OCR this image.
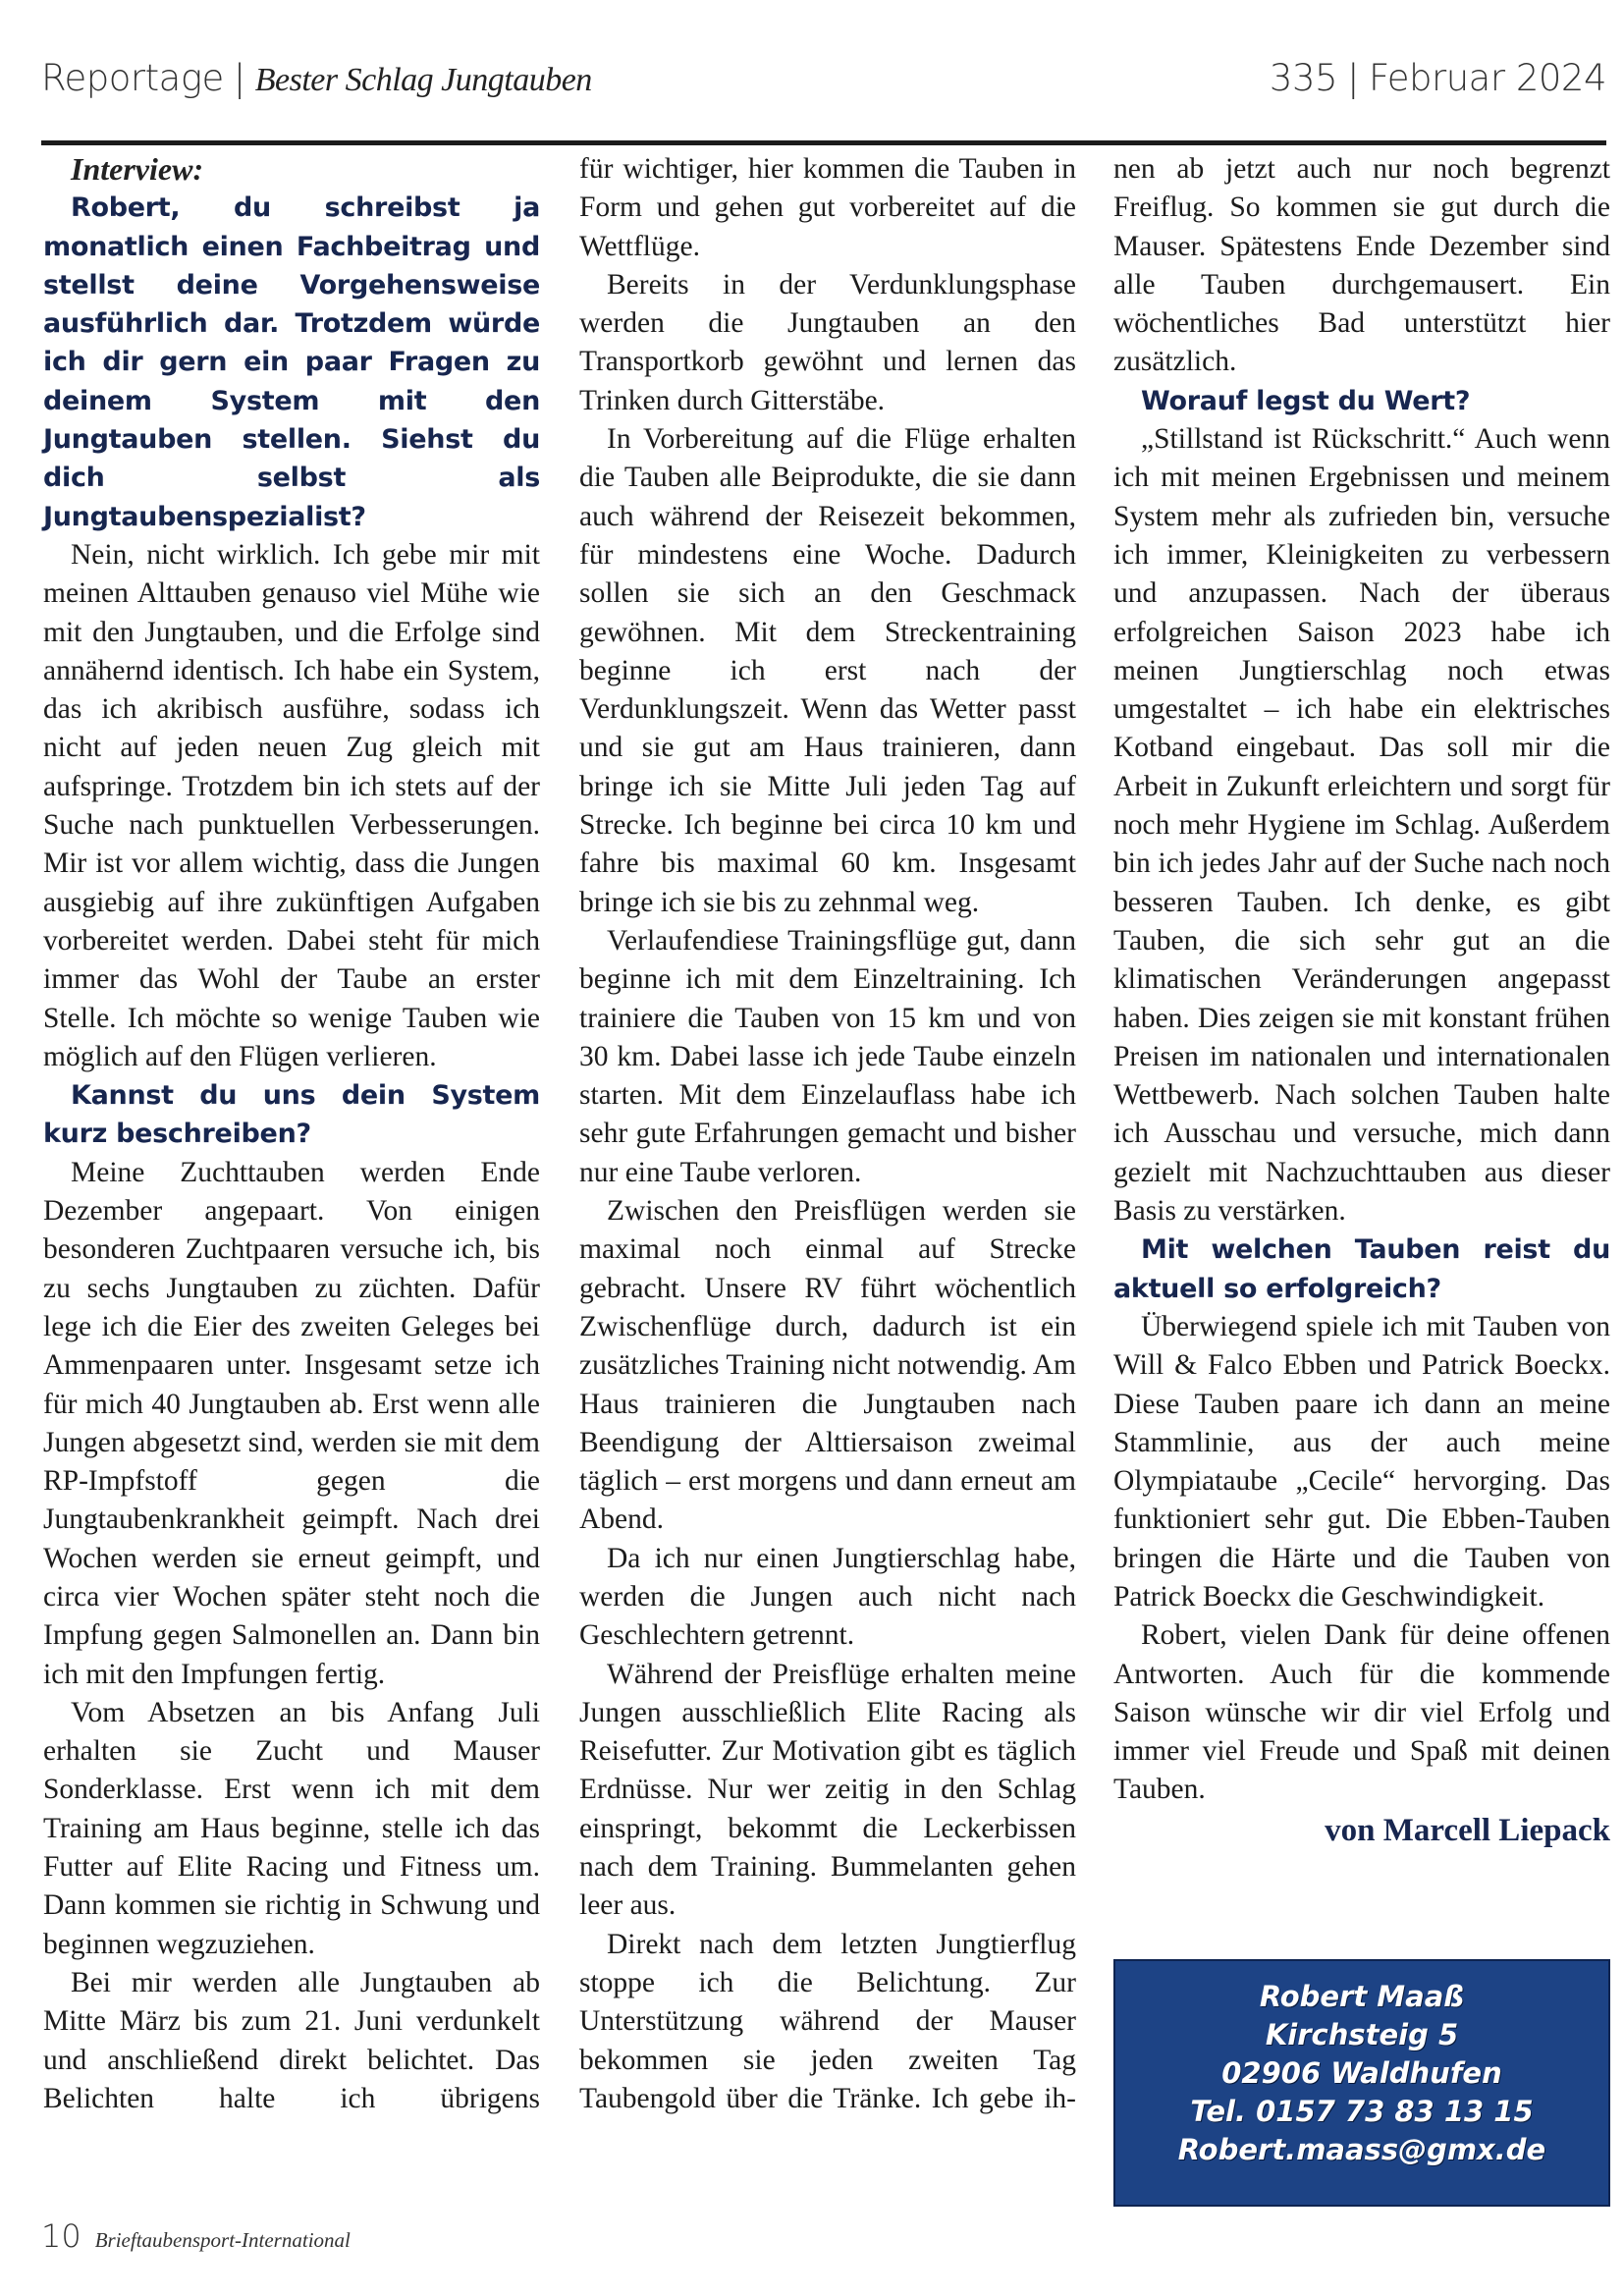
Reportage | Bester Schlag Jungtauben	335 | Februar 2024
Interview:

Robert, du schreibst ja monatlich einen Fachbeitrag und stellst deine Vorgehensweise ausführlich dar. Trotzdem würde ich dir gern ein paar Fragen zu deinem System mit den Jungtauben stellen. Siehst du dich selbst als Jungtaubenspezialist?

Nein, nicht wirklich. Ich gebe mir mit meinen Alttauben genauso viel Mühe wie mit den Jungtauben, und die Erfolge sind annähernd identisch. Ich habe ein System, das ich akribisch ausführe, sodass ich nicht auf jeden neuen Zug gleich mit aufspringe. Trotzdem bin ich stets auf der Suche nach punktuellen Verbesserungen. Mir ist vor allem wichtig, dass die Jungen ausgiebig auf ihre zukünftigen Aufgaben vorbereitet werden. Dabei steht für mich immer das Wohl der Taube an erster Stelle. Ich möchte so wenige Tauben wie möglich auf den Flügen verlieren.

Kannst du uns dein System kurz beschreiben?

Meine Zuchttauben werden Ende Dezember angepaart. Von einigen besonderen Zuchtpaaren versuche ich, bis zu sechs Jungtauben zu züchten. Dafür lege ich die Eier des zweiten Geleges bei Ammenpaaren unter. Insgesamt setze ich für mich 40 Jungtauben ab. Erst wenn alle Jungen abgesetzt sind, werden sie mit dem RP-Impfstoff gegen die Jungtaubenkrankheit geimpft. Nach drei Wochen werden sie erneut geimpft, und circa vier Wochen später steht noch die Impfung gegen Salmonellen an. Dann bin ich mit den Impfungen fertig.

Vom Absetzen an bis Anfang Juli erhalten sie Zucht und Mauser Sonderklasse. Erst wenn ich mit dem Training am Haus beginne, stelle ich das Futter auf Elite Racing und Fitness um. Dann kommen sie richtig in Schwung und beginnen wegzuziehen.

Bei mir werden alle Jungtauben ab Mitte März bis zum 21. Juni verdunkelt und anschließend direkt belichtet. Das Belichten halte ich übrigens

für wichtiger, hier kommen die Tauben in Form und gehen gut vorbereitet auf die Wettflüge.

Bereits in der Verdunklungsphase werden die Jungtauben an den Transportkorb gewöhnt und lernen das Trinken durch Gitterstäbe.

In Vorbereitung auf die Flüge erhalten die Tauben alle Beiprodukte, die sie dann auch während der Reisezeit bekommen, für mindestens eine Woche. Dadurch sollen sie sich an den Geschmack gewöhnen. Mit dem Streckentraining beginne ich erst nach der Verdunklungszeit. Wenn das Wetter passt und sie gut am Haus trainieren, dann bringe ich sie Mitte Juli jeden Tag auf Strecke. Ich beginne bei circa 10 km und fahre bis maximal 60 km. Insgesamt bringe ich sie bis zu zehnmal weg.

Verlaufendiese Trainingsflüge gut, dann beginne ich mit dem Einzeltraining. Ich trainiere die Tauben von 15 km und von 30 km. Dabei lasse ich jede Taube einzeln starten. Mit dem Einzelauflass habe ich sehr gute Erfahrungen gemacht und bisher nur eine Taube verloren.

Zwischen den Preisflügen werden sie maximal noch einmal auf Strecke gebracht. Unsere RV führt wöchentlich Zwischenflüge durch, dadurch ist ein zusätzliches Training nicht notwendig. Am Haus trainieren die Jungtauben nach Beendigung der Alttiersaison zweimal täglich – erst morgens und dann erneut am Abend.

Da ich nur einen Jungtierschlag habe, werden die Jungen auch nicht nach Geschlechtern getrennt.

Während der Preisflüge erhalten meine Jungen ausschließlich Elite Racing als Reisefutter. Zur Motivation gibt es täglich Erdnüsse. Nur wer zeitig in den Schlag einspringt, bekommt die Leckerbissen nach dem Training. Bummelanten gehen leer aus.

Direkt nach dem letzten Jungtierflug stoppe ich die Belichtung. Zur Unterstützung während der Mauser bekommen sie jeden zweiten Tag Taubengold über die Tränke. Ich gebe ih-

nen ab jetzt auch nur noch begrenzt Freiflug. So kommen sie gut durch die Mauser. Spätestens Ende Dezember sind alle Tauben durchgemausert. Ein wöchentliches Bad unterstützt hier zusätzlich.

Worauf legst du Wert?

„Stillstand ist Rückschritt.“ Auch wenn ich mit meinen Ergebnissen und meinem System mehr als zufrieden bin, versuche ich immer, Kleinigkeiten zu verbessern und anzupassen. Nach der überaus erfolgreichen Saison 2023 habe ich meinen Jungtierschlag noch etwas umgestaltet – ich habe ein elektrisches Kotband eingebaut. Das soll mir die Arbeit in Zukunft erleichtern und sorgt für noch mehr Hygiene im Schlag. Außerdem bin ich jedes Jahr auf der Suche nach noch besseren Tauben. Ich denke, es gibt Tauben, die sich sehr gut an die klimatischen Veränderungen angepasst haben. Dies zeigen sie mit konstant frühen Preisen im nationalen und internationalen Wettbewerb. Nach solchen Tauben halte ich Ausschau und versuche, mich dann gezielt mit Nachzuchttauben aus dieser Basis zu verstärken.

Mit welchen Tauben reist du aktuell so erfolgreich?

Überwiegend spiele ich mit Tauben von Will & Falco Ebben und Patrick Boeckx. Diese Tauben paare ich dann an meine Stammlinie, aus der auch meine Olympiataube „Cecile“ hervorging. Das funktioniert sehr gut. Die Ebben-Tauben bringen die Härte und die Tauben von Patrick Boeckx die Geschwindigkeit.

Robert, vielen Dank für deine offenen Antworten. Auch für die kommende Saison wünsche wir dir viel Erfolg und immer viel Freude und Spaß mit deinen Tauben.

von Marcell Liepack
Robert Maaß
Kirchsteig 5
02906 Waldhufen
Tel. 0157 73 83 13 15
Robert.maass@gmx.de
10 Brieftaubensport-International
